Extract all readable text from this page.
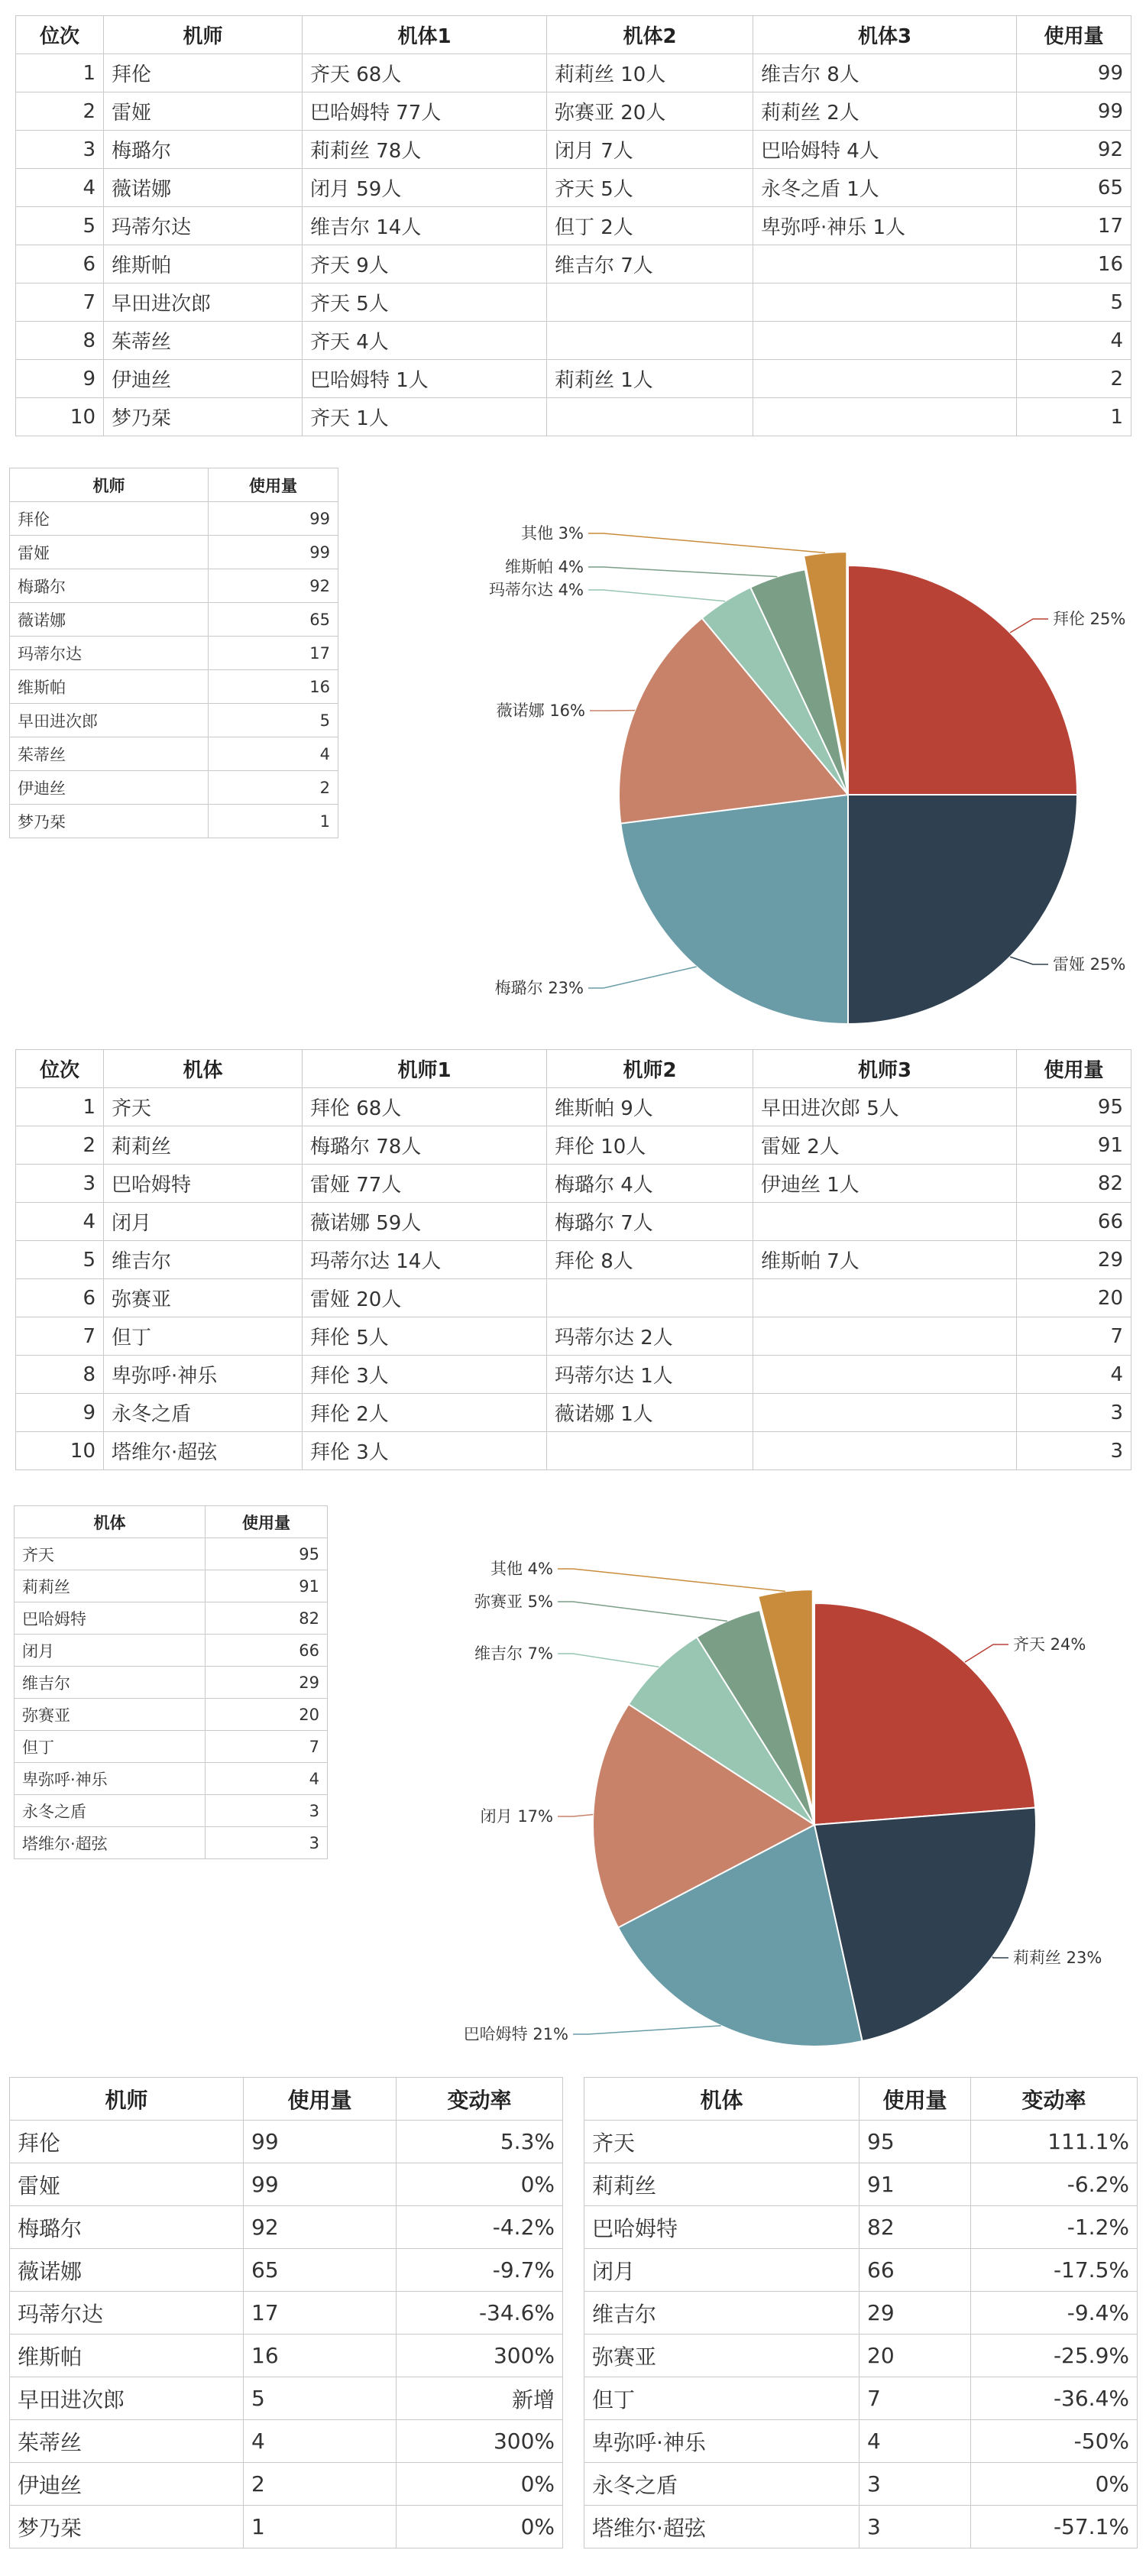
位次	机师	机体1	机体2	机体3	使用量
1	拜伦	齐天 68人	莉莉丝 10人	维吉尔 8人	99
2	雷娅	巴哈姆特 77人	弥赛亚 20人	莉莉丝 2人	99
3	梅璐尔	莉莉丝 78人	闭月 7人	巴哈姆特 4人	92
4	薇诺娜	闭月 59人	齐天 5人	永冬之盾 1人	65
5	玛蒂尔达	维吉尔 14人	但丁 2人	卑弥呼·神乐 1人	17
6	维斯帕	齐天 9人	维吉尔 7人		16
7	早田进次郎	齐天 5人			5
8	茱蒂丝	齐天 4人			4
9	伊迪丝	巴哈姆特 1人	莉莉丝 1人		2
10	梦乃栞	齐天 1人			1
机师	使用量
拜伦	99
雷娅	99
梅璐尔	92
薇诺娜	65
玛蒂尔达	17
维斯帕	16
早田进次郎	5
茱蒂丝	4
伊迪丝	2
梦乃栞	1
拜伦 25%
雷娅 25%
梅璐尔 23%
薇诺娜 16%
玛蒂尔达 4%
维斯帕 4%
其他 3%
位次	机体	机师1	机师2	机师3	使用量
1	齐天	拜伦 68人	维斯帕 9人	早田进次郎 5人	95
2	莉莉丝	梅璐尔 78人	拜伦 10人	雷娅 2人	91
3	巴哈姆特	雷娅 77人	梅璐尔 4人	伊迪丝 1人	82
4	闭月	薇诺娜 59人	梅璐尔 7人		66
5	维吉尔	玛蒂尔达 14人	拜伦 8人	维斯帕 7人	29
6	弥赛亚	雷娅 20人			20
7	但丁	拜伦 5人	玛蒂尔达 2人		7
8	卑弥呼·神乐	拜伦 3人	玛蒂尔达 1人		4
9	永冬之盾	拜伦 2人	薇诺娜 1人		3
10	塔维尔·超弦	拜伦 3人			3
机体	使用量
齐天	95
莉莉丝	91
巴哈姆特	82
闭月	66
维吉尔	29
弥赛亚	20
但丁	7
卑弥呼·神乐	4
永冬之盾	3
塔维尔·超弦	3
齐天 24%
莉莉丝 23%
巴哈姆特 21%
闭月 17%
维吉尔 7%
弥赛亚 5%
其他 4%
机师	使用量	变动率
拜伦	99	5.3%
雷娅	99	0%
梅璐尔	92	-4.2%
薇诺娜	65	-9.7%
玛蒂尔达	17	-34.6%
维斯帕	16	300%
早田进次郎	5	新增
茱蒂丝	4	300%
伊迪丝	2	0%
梦乃栞	1	0%
机体	使用量	变动率
齐天	95	111.1%
莉莉丝	91	-6.2%
巴哈姆特	82	-1.2%
闭月	66	-17.5%
维吉尔	29	-9.4%
弥赛亚	20	-25.9%
但丁	7	-36.4%
卑弥呼·神乐	4	-50%
永冬之盾	3	0%
塔维尔·超弦	3	-57.1%
